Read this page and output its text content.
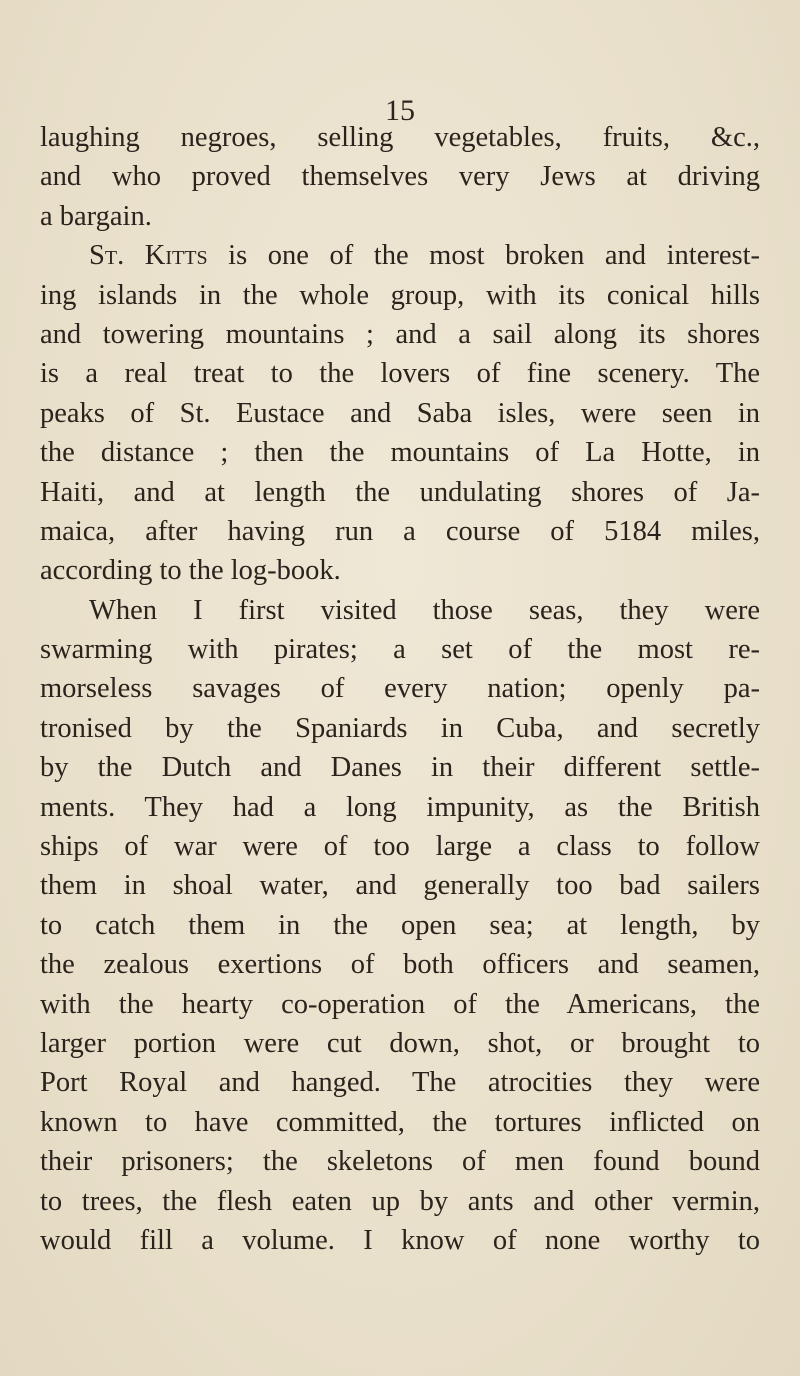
15
laughing negroes, selling vegetables, fruits, &c.,
and who proved themselves very Jews at driving
a bargain.
St. Kitts is one of the most broken and interest-
ing islands in the whole group, with its conical hills
and towering mountains ; and a sail along its shores
is a real treat to the lovers of fine scenery. The
peaks of St. Eustace and Saba isles, were seen in
the distance ; then the mountains of La Hotte, in
Haiti, and at length the undulating shores of Ja-
maica, after having run a course of 5184 miles,
according to the log-book.
When I first visited those seas, they were
swarming with pirates; a set of the most re-
morseless savages of every nation; openly pa-
tronised by the Spaniards in Cuba, and secretly
by the Dutch and Danes in their different settle-
ments. They had a long impunity, as the British
ships of war were of too large a class to follow
them in shoal water, and generally too bad sailers
to catch them in the open sea; at length, by
the zealous exertions of both officers and seamen,
with the hearty co-operation of the Americans, the
larger portion were cut down, shot, or brought to
Port Royal and hanged. The atrocities they were
known to have committed, the tortures inflicted on
their prisoners; the skeletons of men found bound
to trees, the flesh eaten up by ants and other vermin,
would fill a volume. I know of none worthy to
